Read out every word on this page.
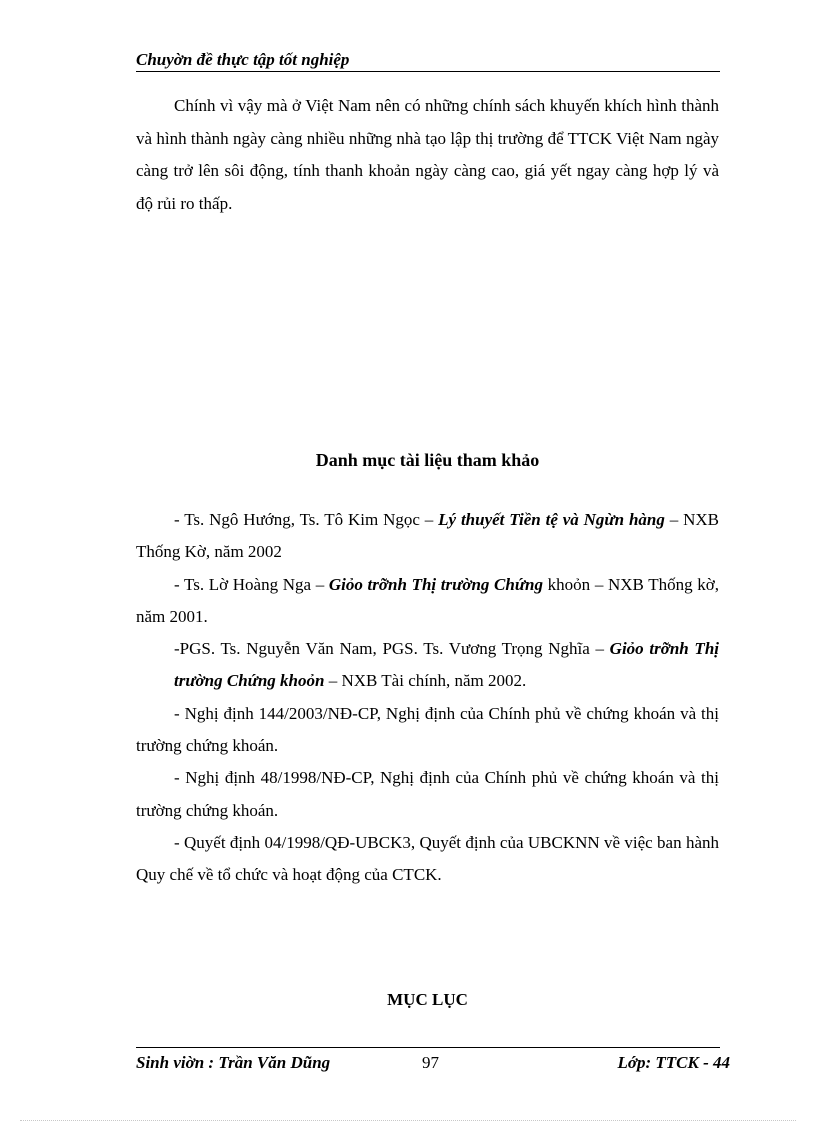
Chuyờn đề thực tập tốt nghiệp

Chính vì vậy mà ở Việt Nam nên có những chính sách khuyến khích hình thành và hình thành ngày càng nhiều những nhà tạo lập thị trường để TTCK Việt Nam ngày càng trở lên sôi động, tính thanh khoản ngày càng cao, giá yết ngay càng hợp lý và độ rủi ro thấp.

Danh mục tài liệu tham khảo

- Ts. Ngô Hướng, Ts. Tô Kim Ngọc – Lý thuyết Tiền tệ và Ngừn hàng – NXB Thống Kờ, năm 2002

- Ts. Lờ Hoàng Nga – Giỏo trỡnh Thị trường Chứng khoỏn – NXB Thống kờ, năm 2001.

-PGS. Ts. Nguyễn Văn Nam, PGS. Ts. Vương Trọng Nghĩa – Giỏo trỡnh Thị trường Chứng khoỏn – NXB Tài chính, năm 2002.

- Nghị định 144/2003/NĐ-CP, Nghị định của Chính phủ về chứng khoán và thị trường chứng khoán.

- Nghị định 48/1998/NĐ-CP, Nghị định của Chính phủ về chứng khoán và thị trường chứng khoán.

- Quyết định 04/1998/QĐ-UBCK3, Quyết định của UBCKNN về việc ban hành Quy chế về tổ chức và hoạt động của CTCK.

MỤC LỤC
Sinh viờn : Trần Văn Dũng	97	Lớp: TTCK - 44
